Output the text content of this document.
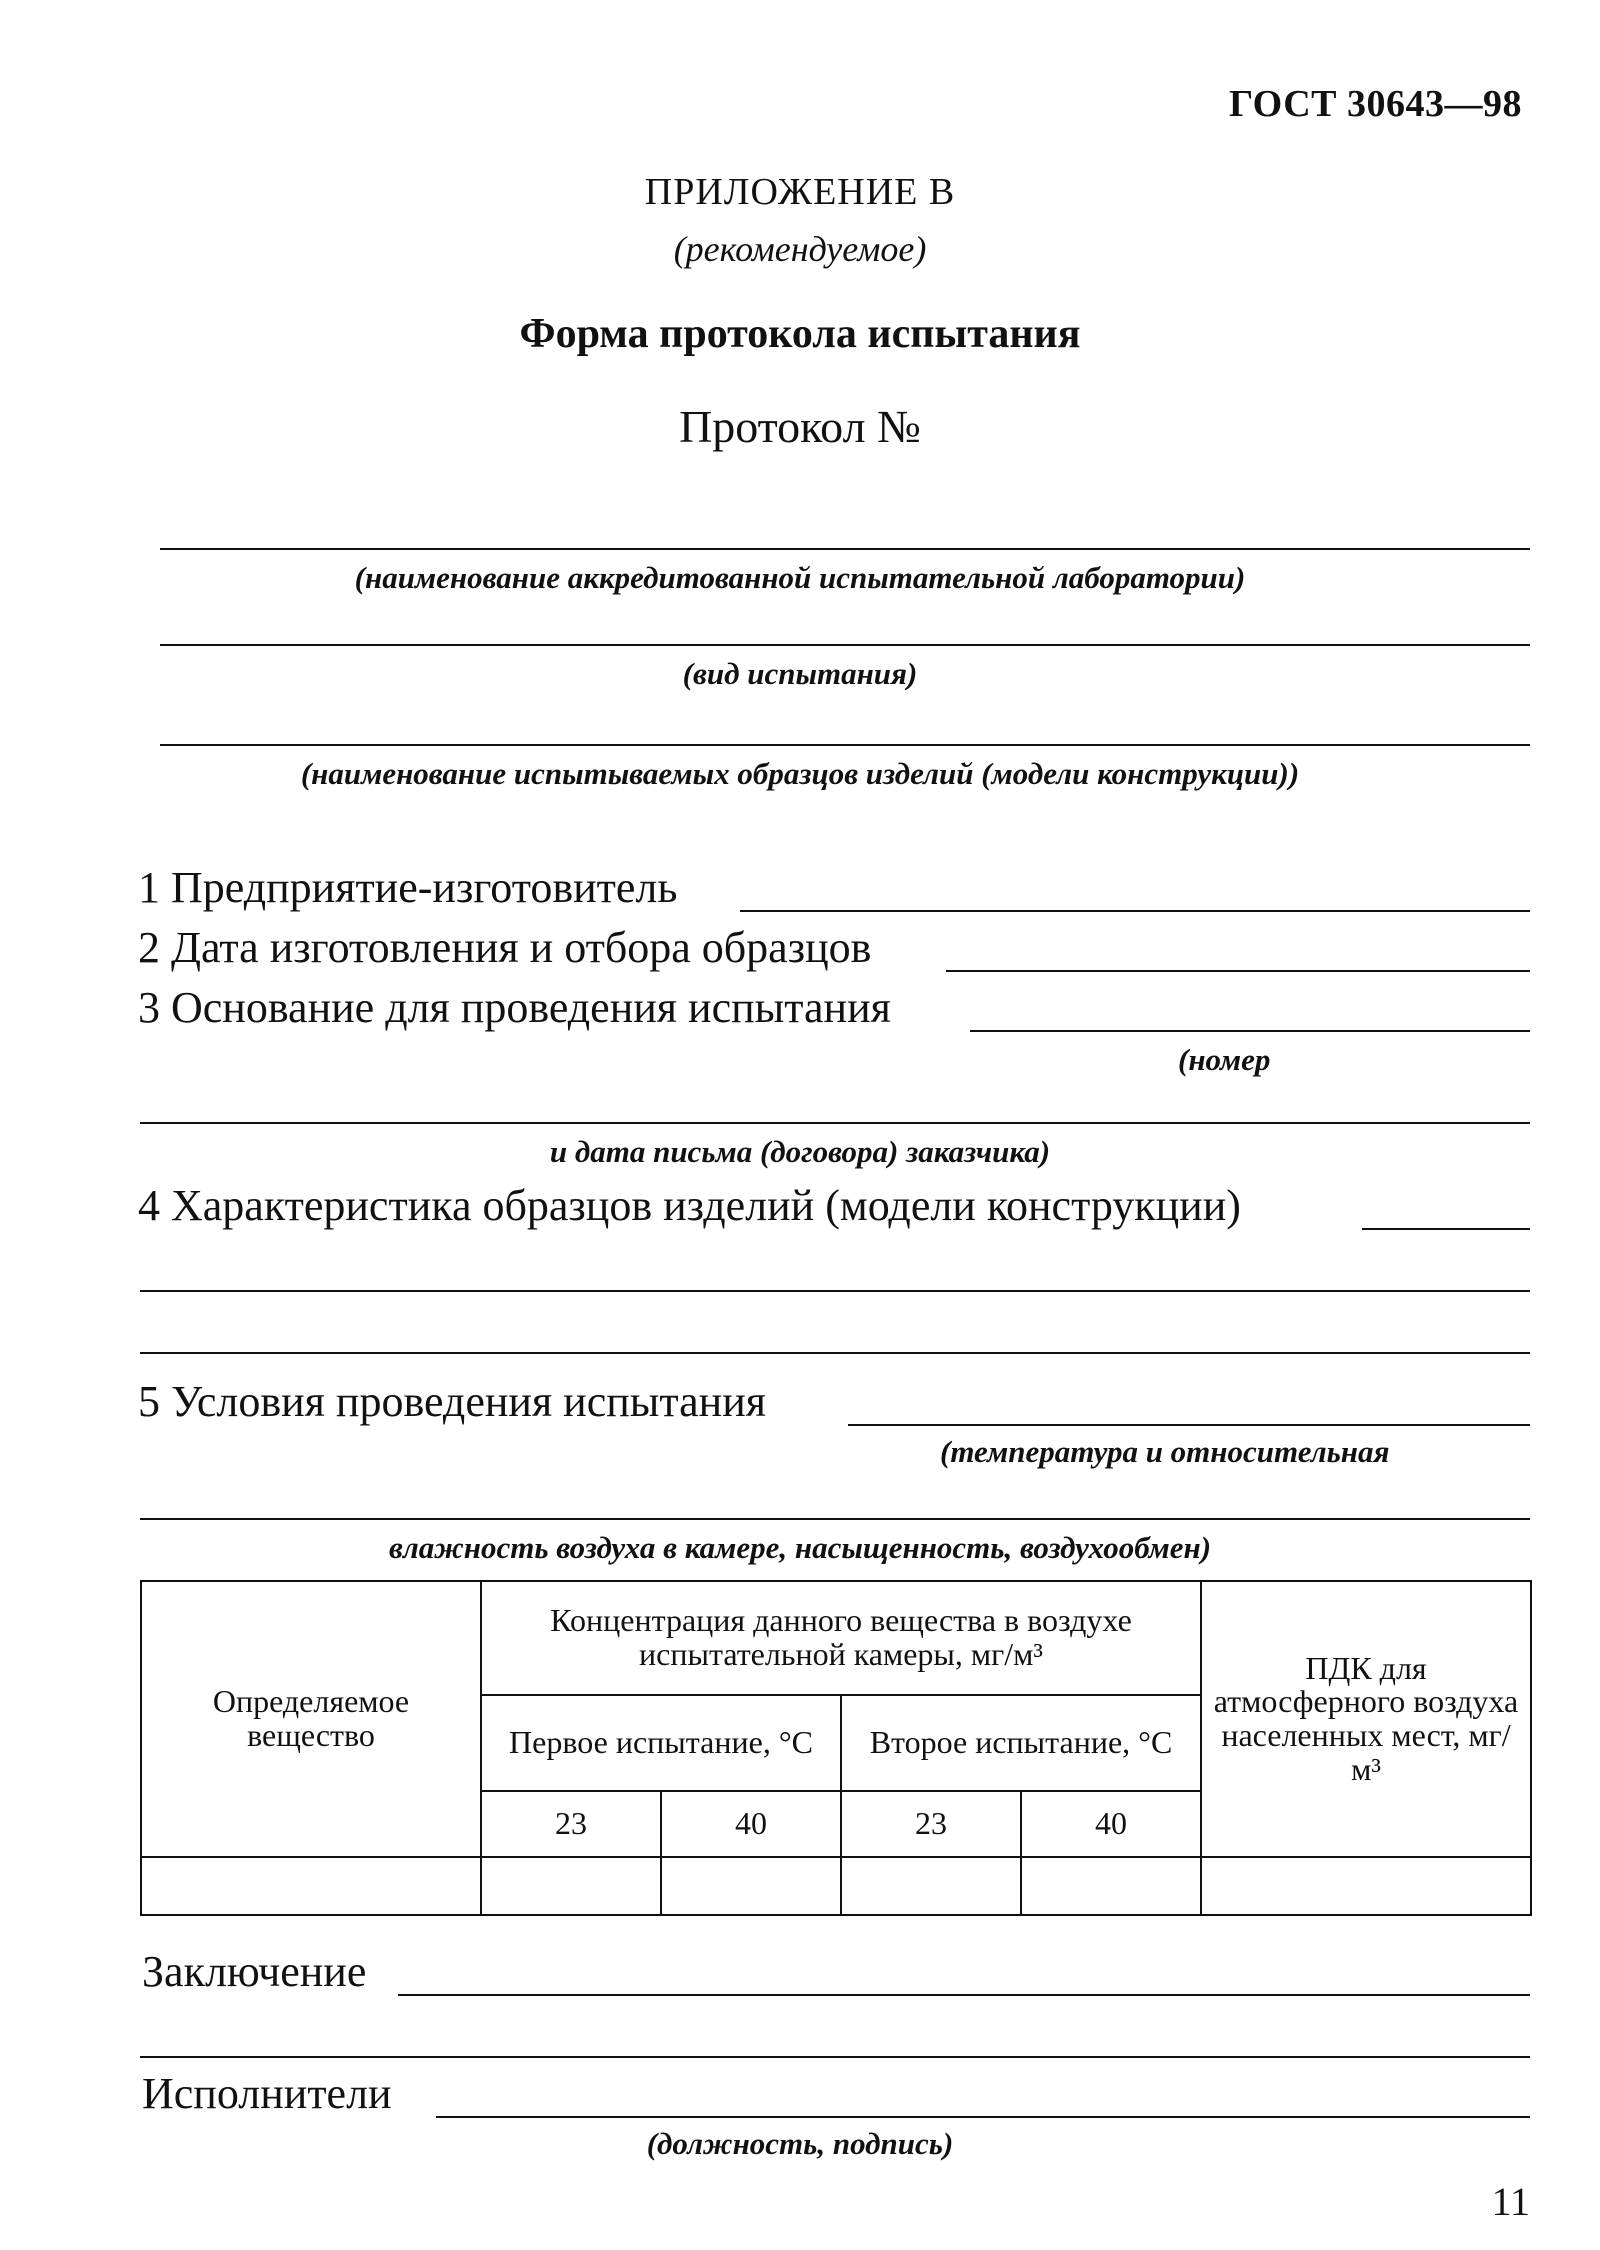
ГОСТ 30643—98
ПРИЛОЖЕНИЕ В
(рекомендуемое)
Форма протокола испытания
Протокол №
(наименование аккредитованной испытательной лаборатории)
(вид испытания)
(наименование испытываемых образцов изделий (модели конструкции))
1 Предприятие-изготовитель
2 Дата изготовления и отбора образцов
3 Основание для проведения испытания
(номер
и дата письма (договора) заказчика)
4 Характеристика образцов изделий (модели конструкции)
5 Условия проведения испытания
(температура и относительная
влажность воздуха в камере, насыщенность, воздухообмен)
Определяемое вещество	Концентрация данного вещества в воздухе испытательной камеры, мг/м³				ПДК для атмосферного воздуха населенных мест, мг/м³
	Первое испытание, °С		Второе испытание, °С		
	23	40	23	40	

Заключение
Исполнители
(должность, подпись)
11
